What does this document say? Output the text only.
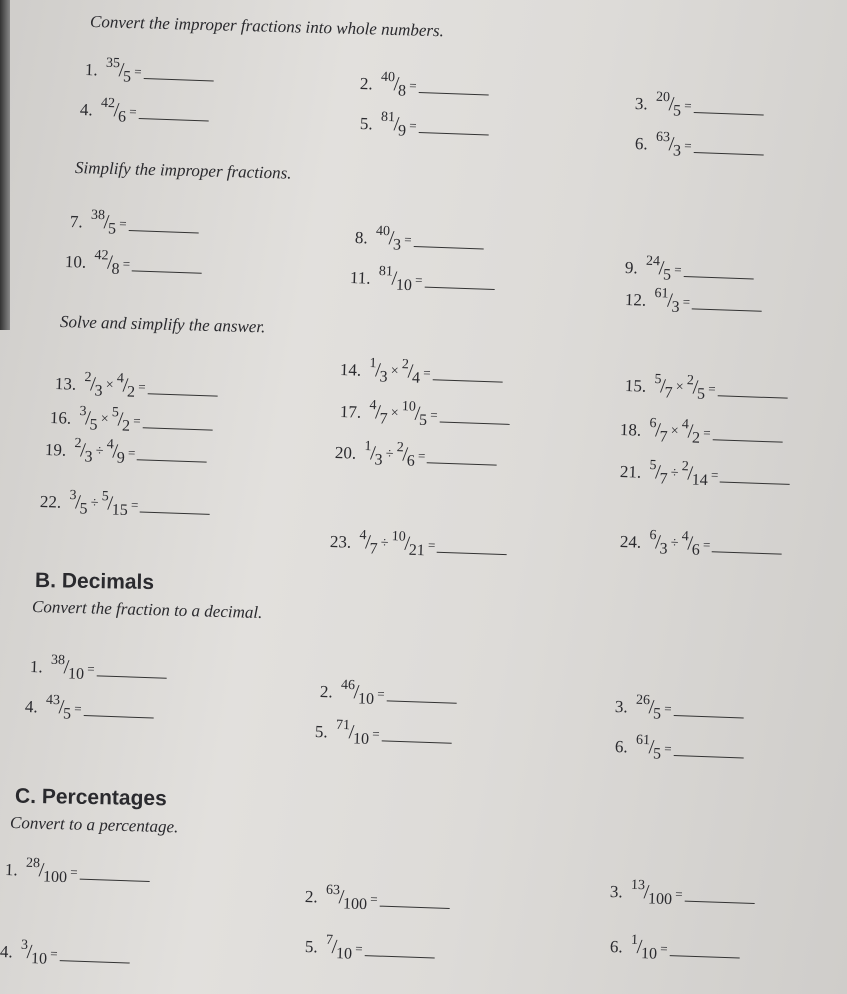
Convert the improper fractions into whole numbers.
Simplify the improper fractions.
Solve and simplify the answer.
B. Decimals
Convert the fraction to a decimal.
C. Percentages
Convert to a percentage.
1. 35
/
5 =
4. 42
/
6 =
2. 40
/
8 =
5. 81
/
9 =
3. 20
/
5 =
6. 63
/
3 =
7. 38
/
5 =
10. 42
/
8 =
8. 40
/
3 =
11. 81
/
10 =
9. 24
/
5 =
12. 61
/
3 =
13. 2
/
3 × 4
/
2 =
16. 3
/
5 × 5
/
2 =
19. 2
/
3 ÷ 4
/
9 =
22. 3
/
5 ÷ 5
/
15 =
14. 1
/
3 × 2
/
4 =
17. 4
/
7 × 10
/
5 =
20. 1
/
3 ÷ 2
/
6 =
23. 4
/
7 ÷ 10
/
21 =
15. 5
/
7 × 2
/
5 =
18. 6
/
7 × 4
/
2 =
21. 5
/
7 ÷ 2
/
14 =
24. 6
/
3 ÷ 4
/
6 =
1. 38
/
10 =
4. 43
/
5 =
2. 46
/
10 =
5. 71
/
10 =
3. 26
/
5 =
6. 61
/
5 =
1. 28
/
100 =
4. 3
/
10 =
2. 63
/
100 =
5. 7
/
10 =
3. 13
/
100 =
6. 1
/
10 =
